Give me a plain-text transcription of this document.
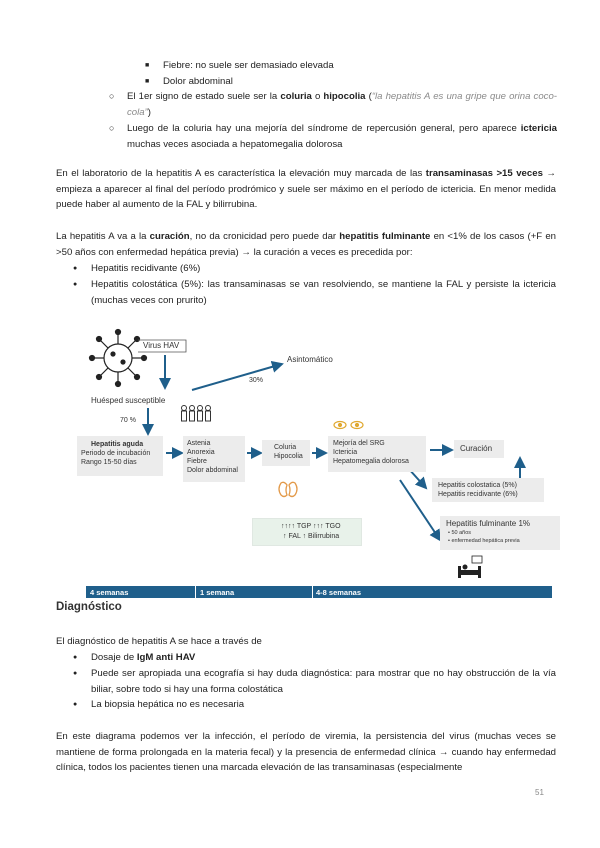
■ Fiebre: no suele ser demasiado elevada
■ Dolor abdominal
○ El 1er signo de estado suele ser la coluria o hipocolia (“la hepatitis A es una gripe que orina coco-cola”)
○ Luego de la coluria hay una mejoría del síndrome de repercusión general, pero aparece ictericia muchas veces asociada a hepatomegalia dolorosa
En el laboratorio de la hepatitis A es característica la elevación muy marcada de las transaminasas >15 veces → empieza a aparecer al final del período prodrómico y suele ser máximo en el período de ictericia. En menor medida puede haber al aumento de la FAL y bilirrubina.
La hepatitis A va a la curación, no da cronicidad pero puede dar hepatitis fulminante en <1% de los casos (+F en >50 años con enfermedad hepática previa) → la curación a veces es precedida por:
● Hepatitis recidivante (6%)
● Hepatitis colostática (5%): las transaminasas se van resolviendo, se mantiene la FAL y persiste la ictericia (muchas veces con prurito)
Virus HAV
Asintomático
30%
Huésped susceptible
70 %
Hepatitis aguda
Periodo de incubación
Rango 15-50 días
Astenia
Anorexia
Fiebre
Dolor abdominal
Coluria
Hipocolia
Mejoría del SRG
Ictericia
Hepatomegalia dolorosa
Curación
Hepatitis colostatica (5%)
Hepatitis recidivante (6%)
Hepatitis fulminante 1%
• 50 años
• enfermedad hepática previa
↑↑↑↑ TGP ↑↑↑ TGO
↑ FAL ↑ Bilirrubina
4 semanas	1 semana	4-8 semanas
Diagnóstico
El diagnóstico de hepatitis A se hace a través de
● Dosaje de IgM anti HAV
● Puede ser apropiada una ecografía si hay duda diagnóstica: para mostrar que no hay obstrucción de la vía biliar, sobre todo si hay una forma colostática
● La biopsia hepática no es necesaria
En este diagrama podemos ver la infección, el período de viremia, la persistencia del virus (muchas veces se mantiene de forma prolongada en la materia fecal) y la presencia de enfermedad clínica → cuando hay enfermedad clínica, todos los pacientes tienen una marcada elevación de las transaminasas (especialmente
51
